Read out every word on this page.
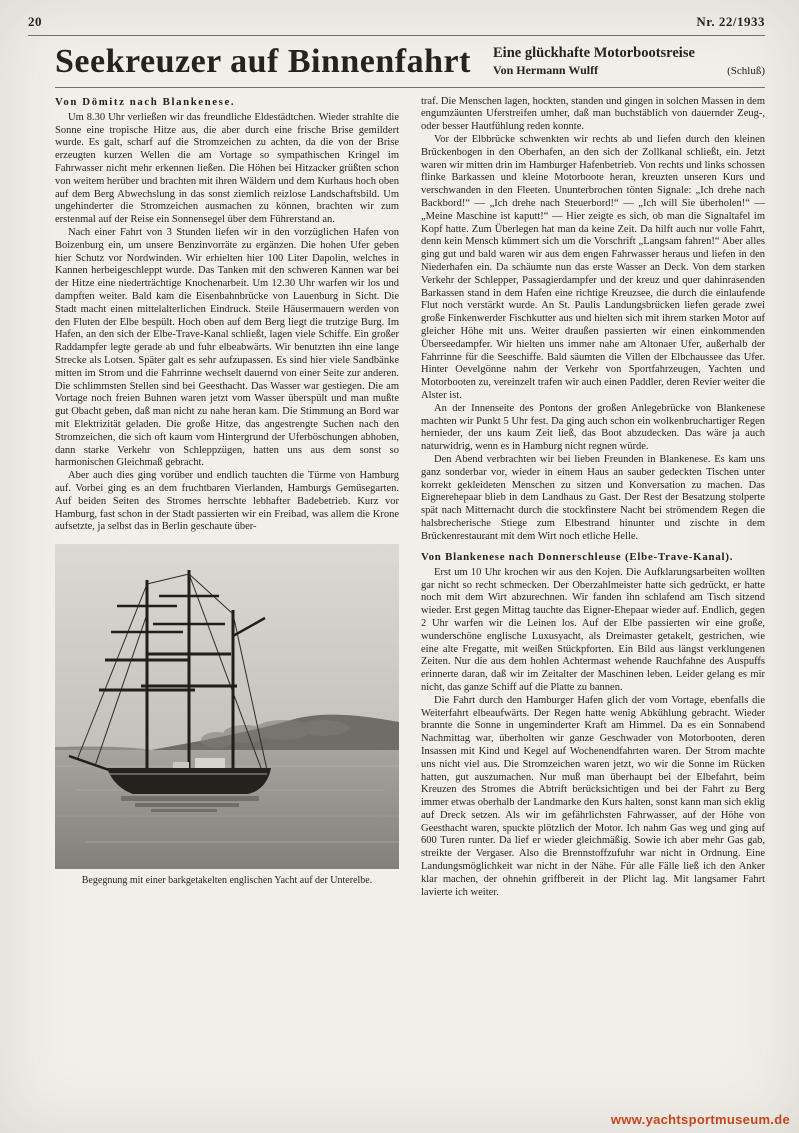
20	Nr. 22/1933
Seekreuzer auf Binnenfahrt Eine glückhafte Motorbootsreise
Von Hermann Wulff	(Schluß)
Von Dömitz nach Blankenese.

Um 8.30 Uhr verließen wir das freundliche Eldestädtchen. Wieder strahlte die Sonne eine tropische Hitze aus, die aber durch eine frische Brise gemildert wurde. Es galt, scharf auf die Stromzeichen zu achten, da die von der Brise erzeugten kurzen Wellen die am Vortage so sympathischen Kringel im Fahrwasser nicht mehr erkennen ließen. Die Höhen bei Hitzacker grüßten schon von weitem herüber und brachten mit ihren Wäldern und dem Kurhaus hoch oben auf dem Berg Abwechslung in das sonst ziemlich reizlose Landschaftsbild. Um ungehinderter die Stromzeichen ausmachen zu können, brachten wir zum erstenmal auf der Reise ein Sonnensegel über dem Führerstand an.

Nach einer Fahrt von 3 Stunden liefen wir in den vorzüglichen Hafen von Boizenburg ein, um unsere Benzinvorräte zu ergänzen. Die hohen Ufer geben hier Schutz vor Nordwinden. Wir erhielten hier 100 Liter Dapolin, welches in Kannen herbeigeschleppt wurde. Das Tanken mit den schweren Kannen war bei der Hitze eine niederträchtige Knochenarbeit. Um 12.30 Uhr warfen wir los und dampften weiter. Bald kam die Eisenbahnbrücke von Lauenburg in Sicht. Die Stadt macht einen mittelalterlichen Eindruck. Steile Häusermauern werden von den Fluten der Elbe bespült. Hoch oben auf dem Berg liegt die trutzige Burg. Im Hafen, an den sich der Elbe-Trave-Kanal schließt, lagen viele Schiffe. Ein großer Raddampfer legte gerade ab und fuhr elbeabwärts. Wir benutzten ihn eine lange Strecke als Lotsen. Später galt es sehr aufzupassen. Es sind hier viele Sandbänke mitten im Strom und die Fahrrinne wechselt dauernd von einer Seite zur anderen. Die schlimmsten Stellen sind bei Geesthacht. Das Wasser war gestiegen. Die am Vortage noch freien Buhnen waren jetzt vom Wasser überspült und man mußte gut Obacht geben, daß man nicht zu nahe heran kam. Die Stimmung an Bord war mit Elektrizität geladen. Die große Hitze, das angestrengte Suchen nach den Stromzeichen, die sich oft kaum vom Hintergrund der Uferböschungen abhoben, dann starke Verkehr von Schleppzügen, hatten uns aus dem sonst so harmonischen Gleichmaß gebracht.

Aber auch dies ging vorüber und endlich tauchten die Türme von Hamburg auf. Vorbei ging es an dem fruchtbaren Vierlanden, Hamburgs Gemüsegarten. Auf beiden Seiten des Stromes herrschte lebhafter Badebetrieb. Kurz vor Hamburg, fast schon in der Stadt passierten wir ein Freibad, was allem die Krone aufsetzte, ja selbst das in Berlin geschaute über-

Begegnung mit einer barkgetakelten englischen Yacht auf der Unterelbe.

traf. Die Menschen lagen, hockten, standen und gingen in solchen Massen in dem engumzäunten Uferstreifen umher, daß man buchstäblich von dauernder Zeug-, oder besser Hautfühlung reden konnte.

Vor der Elbbrücke schwenkten wir rechts ab und liefen durch den kleinen Brückenbogen in den Oberhafen, an den sich der Zollkanal schließt, ein. Jetzt waren wir mitten drin im Hamburger Hafenbetrieb. Von rechts und links schossen flinke Barkassen und kleine Motorboote heran, kreuzten unseren Kurs und verschwanden in den Fleeten. Ununterbrochen tönten Signale: „Ich drehe nach Backbord!“ — „Ich drehe nach Steuerbord!“ — „Ich will Sie überholen!“ — „Meine Maschine ist kaputt!“ — Hier zeigte es sich, ob man die Signaltafel im Kopf hatte. Zum Überlegen hat man da keine Zeit. Da hilft auch nur volle Fahrt, denn kein Mensch kümmert sich um die Vorschrift „Langsam fahren!“ Aber alles ging gut und bald waren wir aus dem engen Fahrwasser heraus und liefen in den Niederhafen ein. Da schäumte nun das erste Wasser an Deck. Von dem starken Verkehr der Schlepper, Passagierdampfer und der kreuz und quer dahinrasenden Barkassen stand in dem Hafen eine richtige Kreuzsee, die durch die einlaufende Flut noch verstärkt wurde. An St. Paulis Landungsbrücken liefen gerade zwei große Finkenwerder Fischkutter aus und hielten sich mit ihrem starken Motor auf gleicher Höhe mit uns. Weiter draußen passierten wir einen einkommenden Überseedampfer. Wir hielten uns immer nahe am Altonaer Ufer, außerhalb der Fahrrinne für die Seeschiffe. Bald säumten die Villen der Elbchaussee das Ufer. Hinter Oevelgönne nahm der Verkehr von Sportfahrzeugen, Yachten und Motorbooten zu, vereinzelt trafen wir auch einen Paddler, deren Revier weiter die Alster ist.

An der Innenseite des Pontons der großen Anlegebrücke von Blankenese machten wir Punkt 5 Uhr fest. Da ging auch schon ein wolkenbruchartiger Regen hernieder, der uns kaum Zeit ließ, das Boot abzudecken. Das wäre ja auch naturwidrig, wenn es in Hamburg nicht regnen würde.

Den Abend verbrachten wir bei lieben Freunden in Blankenese. Es kam uns ganz sonderbar vor, wieder in einem Haus an sauber gedeckten Tischen unter korrekt gekleideten Menschen zu sitzen und Konversation zu machen. Das Eignerehepaar blieb in dem Landhaus zu Gast. Der Rest der Besatzung stolperte spät nach Mitternacht durch die stockfinstere Nacht bei strömendem Regen die halsbrecherische Stiege zum Elbestrand hinunter und zischte in dem Brückenrestaurant mit dem Wirt noch etliche Helle.

Von Blankenese nach Donnerschleuse (Elbe-Trave-Kanal).

Erst um 10 Uhr krochen wir aus den Kojen. Die Aufklarungsarbeiten wollten gar nicht so recht schmecken. Der Oberzahlmeister hatte sich gedrückt, er hatte noch mit dem Wirt abzurechnen. Wir fanden ihn schlafend am Tisch sitzend wieder. Erst gegen Mittag tauchte das Eigner-Ehepaar wieder auf. Endlich, gegen 2 Uhr warfen wir die Leinen los. Auf der Elbe passierten wir eine große, wunderschöne englische Luxusyacht, als Dreimaster getakelt, gestrichen, wie eine alte Fregatte, mit weißen Stückpforten. Ein Bild aus längst verklungenen Zeiten. Nur die aus dem hohlen Achtermast wehende Rauchfahne des Auspuffs erinnerte daran, daß wir im Zeitalter der Maschinen leben. Leider gelang es mir nicht, das ganze Schiff auf die Platte zu bannen.

Die Fahrt durch den Hamburger Hafen glich der vom Vortage, ebenfalls die Weiterfahrt elbeaufwärts. Der Regen hatte wenig Abkühlung gebracht. Wieder brannte die Sonne in ungeminderter Kraft am Himmel. Da es ein Sonnabend Nachmittag war, überholten wir ganze Geschwader von Motorbooten, deren Insassen mit Kind und Kegel auf Wochenendfahrten waren. Der Strom machte uns nicht viel aus. Die Stromzeichen waren jetzt, wo wir die Sonne im Rücken hatten, gut auszumachen. Nur muß man überhaupt bei der Elbefahrt, beim Kreuzen des Stromes die Abtrift berücksichtigen und bei der Fahrt zu Berg immer etwas oberhalb der Landmarke den Kurs halten, sonst kann man sich eklig auf Dreck setzen. Als wir im gefährlichsten Fahrwasser, auf der Höhe von Geesthacht waren, spuckte plötzlich der Motor. Ich nahm Gas weg und ging auf 600 Turen runter. Da lief er wieder gleichmäßig. Sowie ich aber mehr Gas gab, streikte der Vergaser. Also die Brennstoffzufuhr war nicht in Ordnung. Eine Landungsmöglichkeit war nicht in der Nähe. Für alle Fälle ließ ich den Anker klar machen, der ohnehin griffbereit in der Plicht lag. Mit langsamer Fahrt lavierte ich weiter.

www.yachtsportmuseum.de
